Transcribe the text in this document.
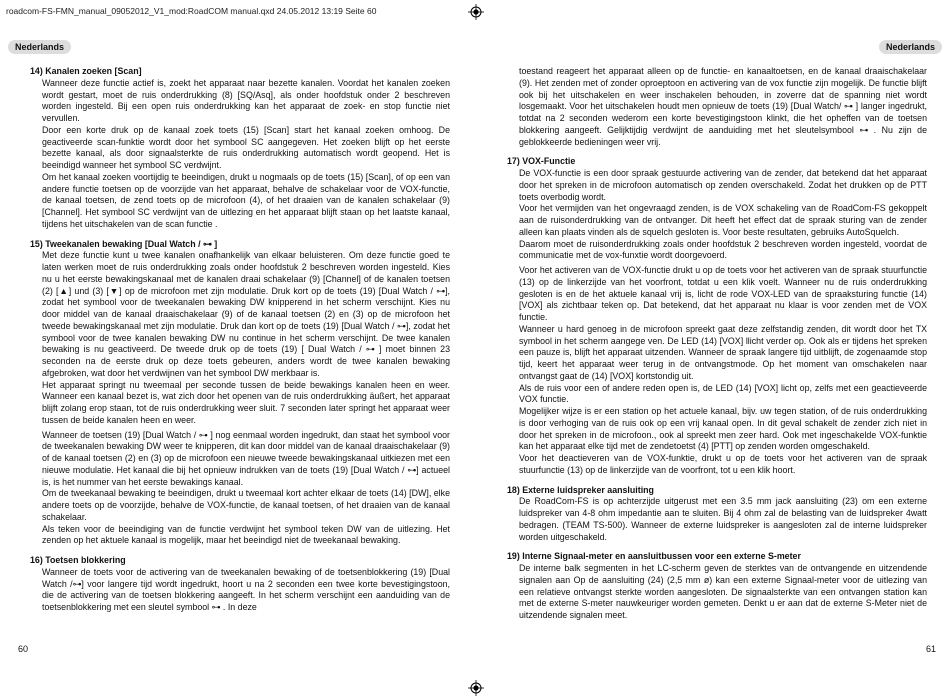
roadcom-FS-FMN_manual_09052012_V1_mod:RoadCOM manual.qxd 24.05.2012 13:19 Seite 60
Nederlands	Nederlands
14) Kanalen zoeken [Scan]
Wanneer deze functie actief is, zoekt het apparaat naar bezette kanalen. Voordat het kanalen zoeken wordt gestart, moet de ruis onderdrukking (8) [SQ/Asq], als onder hoofdstuk onder 2 beschreven worden ingesteld. Bij een open ruis onderdrukking kan het apparaat de zoek- en stop functie niet vervullen.
Door een korte druk op de kanaal zoek toets (15) [Scan] start het kanaal zoeken omhoog. De geactiveerde scan-funktie wordt door het symbool SC aangegeven. Het zoeken blijft op het eerste bezette kanaal, als door signaalsterkte de ruis onderdrukking automatisch wordt geopend. Het is beeindigd wanneer het symbool SC verdwijnt.
Om het kanaal zoeken voortijdig te beeindigen, drukt u nogmaals op de toets (15) [Scan], of op een van andere functie toetsen op de voorzijde van het apparaat, behalve de schakelaar voor de VOX-functie, de kanaal toetsen, de zend toets op de microfoon (4), of het draaien van de kanalen schakelaar (9) [Channel]. Het symbool SC verdwijnt van de uitlezing en het apparaat blijft staan op het laatste kanaal, tijdens het uitschakelen van de scan functie .
15) Tweekanalen bewaking [Dual Watch / ⊶ ]
Met deze functie kunt u twee kanalen onafhankelijk van elkaar beluisteren. Om deze functie goed te laten werken moet de ruis onderdrukking zoals onder hoofdstuk 2 beschreven worden ingesteld. Kies nu u het eerste bewakingskanaal met de kanalen draai schakelaar (9) [Channel] of de kanalen toetsen (2) [▲] und (3) [▼] op de microfoon met zijn modulatie. Druk kort op de toets (19) [Dual Watch / ⊶], zodat het symbool voor de tweekanalen bewaking DW knipperend in het scherm verschijnt. Kies nu door middel van de kanaal draaischakelaar (9) of de kanaal toetsen (2) en (3) op de microfoon het tweede bewakingskanaal met zijn modulatie. Druk dan kort op de toets (19) [Dual Watch / ⊶], zodat het symbool voor de twee kanalen bewaking DW nu continue in het scherm verschijnt. De twee kanalen bewaking is nu geactiveerd. De tweede druk op de toets (19) [ Dual Watch / ⊶ ] moet binnen 23 seconden na de eerste druk op deze toets gebeuren, anders wordt de twee kanalen bewaking afgebroken, wat door het verdwijnen van het symbool DW merkbaar is.
Het apparaat springt nu tweemaal per seconde tussen de beide bewakings kanalen heen en weer. Wanneer een kanaal bezet is, wat zich door het openen van de ruis onderdrukking äußert, het apparaat blijft zolang erop staan, tot de ruis onderdrukking weer sluit. 7 seconden later springt het apparaat weer tussen de beide kanalen heen en weer.
Wanneer de toetsen (19) [Dual Watch / ⊶ ] nog eenmaal worden ingedrukt, dan staat het symbool voor de tweekanalen bewaking DW weer te knipperen, dit kan door middel van de kanaal draaischakelaar (9) of de kanaal toetsen (2) en (3) op de microfoon een nieuwe tweede bewakingskanaal uitkiezen met een nieuwe modulatie. Het kanaal die bij het opnieuw indrukken van de toets (19) [Dual Watch / ⊶] actueel is, is het nummer van het eerste bewakings kanaal.
Om de tweekanaal bewaking te beeindigen, drukt u tweemaal kort achter elkaar de toets (14) [DW], elke andere toets op de voorzijde, behalve de VOX-functie, de kanaal toetsen, of het draaien van de kanaal schakelaar.
Als teken voor de beeindiging van de functie verdwijnt het symbool teken DW van de uitlezing. Het zenden op het aktuele kanaal is mogelijk, maar het beeindigd niet de tweekanaal bewaking.
16) Toetsen blokkering
Wanneer de toets voor de activering van de tweekanalen bewaking of de toetsenblokkering (19) [Dual Watch /⊶] voor langere tijd wordt ingedrukt, hoort u na 2 seconden een twee korte bevestigingstoon, die de activering van de toetsen blokkering aangeeft. In het scherm verschijnt een aanduiding van de toetsenblokkering met een sleutel symbool ⊶ . In deze
toestand reageert het apparaat alleen op de functie- en kanaaltoetsen, en de kanaal draaischakelaar (9). Het zenden met of zonder oproeptoon en activering van de vox functie zijn mogelijk. De functie blijft ook bij het uitschakelen en weer inschakelen behouden, in zoverre dat de spanning niet wordt losgemaakt. Voor het uitschakelen houdt men opnieuw de toets (19) [Dual Watch/ ⊶ ] langer ingedrukt, totdat na 2 seconden wederom een korte bevestigingstoon klinkt, die het opheffen van de toetsen blokkering aangeeft. Gelijktijdig verdwijnt de aanduiding met het sleutelsymbool ⊶ . Nu zijn de geblokkeerde bedieningen weer vrij.
17) VOX-Functie
De VOX-functie is een door spraak gestuurde activering van de zender, dat betekend dat het apparaat door het spreken in de microfoon automatisch op zenden overschakeld. Zodat het drukken op de PTT toets overbodig wordt.
Voor het vermijden van het ongevraagd zenden, is de VOX schakeling van de RoadCom-FS gekoppelt aan de ruisonderdrukking van de ontvanger. Dit heeft het effect dat de spraak sturing van de zender alleen kan plaats vinden als de squelch gesloten is. Voor beste resultaten, gebruiks AutoSquelch.
Daarom moet de ruisonderdrukking zoals onder hoofdstuk 2 beschreven worden ingesteld, voordat de communicatie met de vox-funxtie wordt doorgevoerd.
Voor het activeren van de VOX-functie drukt u op de toets voor het activeren van de spraak stuurfunctie (13) op de linkerzijde van het voorfront, totdat u een klik voelt. Wanneer nu de ruis onderdrukking gesloten is en de het aktuele kanaal vrij is, licht de rode VOX-LED van de spraaksturing functie (14) [VOX] als zichtbaar teken op. Dat betekend, dat het apparaat nu klaar is voor zenden met de VOX functie.
Wanneer u hard genoeg in de microfoon spreekt gaat deze zelfstandig zenden, dit wordt door het TX symbool in het scherm aangege ven. De LED (14) [VOX] llicht verder op. Ook als er tijdens het spreken een pauze is, blijft het apparaat uitzenden. Wanneer de spraak langere tijd uitblijft, de zogenaamde stop tijd, keert het apparaat weer terug in de ontvangstmode. Op het moment van omschakelen naar ontvangst gaat de (14) [VOX] kortstondig uit.
Als de ruis voor een of andere reden open is, de LED (14) [VOX] licht op, zelfs met een geactieveerde VOX functie.
Mogelijker wijze is er een station op het actuele kanaal, bijv. uw tegen station, of de ruis onderdrukking is door verhoging van de ruis ook op een vrij kanaal open. In dit geval schakelt de zender zich niet in door het spreken in de microfoon., ook al spreekt men zeer hard. Ook met ingeschakelde VOX-funktie kan het apparaat elke tijd met de zendetoetst (4) [PTT] op zenden worden omgeschakeld.
Voor het deactieveren van de VOX-funktie, drukt u op de toets voor het activeren van de spraak stuurfunctie (13) op de linkerzijde van de voorfront, tot u een klik hoort.
18) Externe luidspreker aansluiting
De RoadCom-FS is op achterzijde uitgerust met een 3.5 mm jack aansluiting (23) om een externe luidspreker van 4-8 ohm impedantie aan te sluiten. Bij 4 ohm zal de belasting van de luidspreker 4watt bedragen. (TEAM TS-500). Wanneer de externe luidspreker is aangesloten zal de interne luidspreker worden uitgeschakeld.
19) Interne Signaal-meter en aansluitbussen voor een externe S-meter
De interne balk segmenten in het LC-scherm geven de sterktes van de ontvangende en uitzendende signalen aan Op de aansluiting (24) (2,5 mm ø) kan een externe Signaal-meter voor de uitlezing van een relatieve ontvangst sterkte worden aangesloten. De signaalsterkte van een ontvangen station kan met de externe S-meter nauwkeuriger worden gemeten. Denkt u er aan dat de externe S-Meter niet de uitzendende signalen meet.
60	61
